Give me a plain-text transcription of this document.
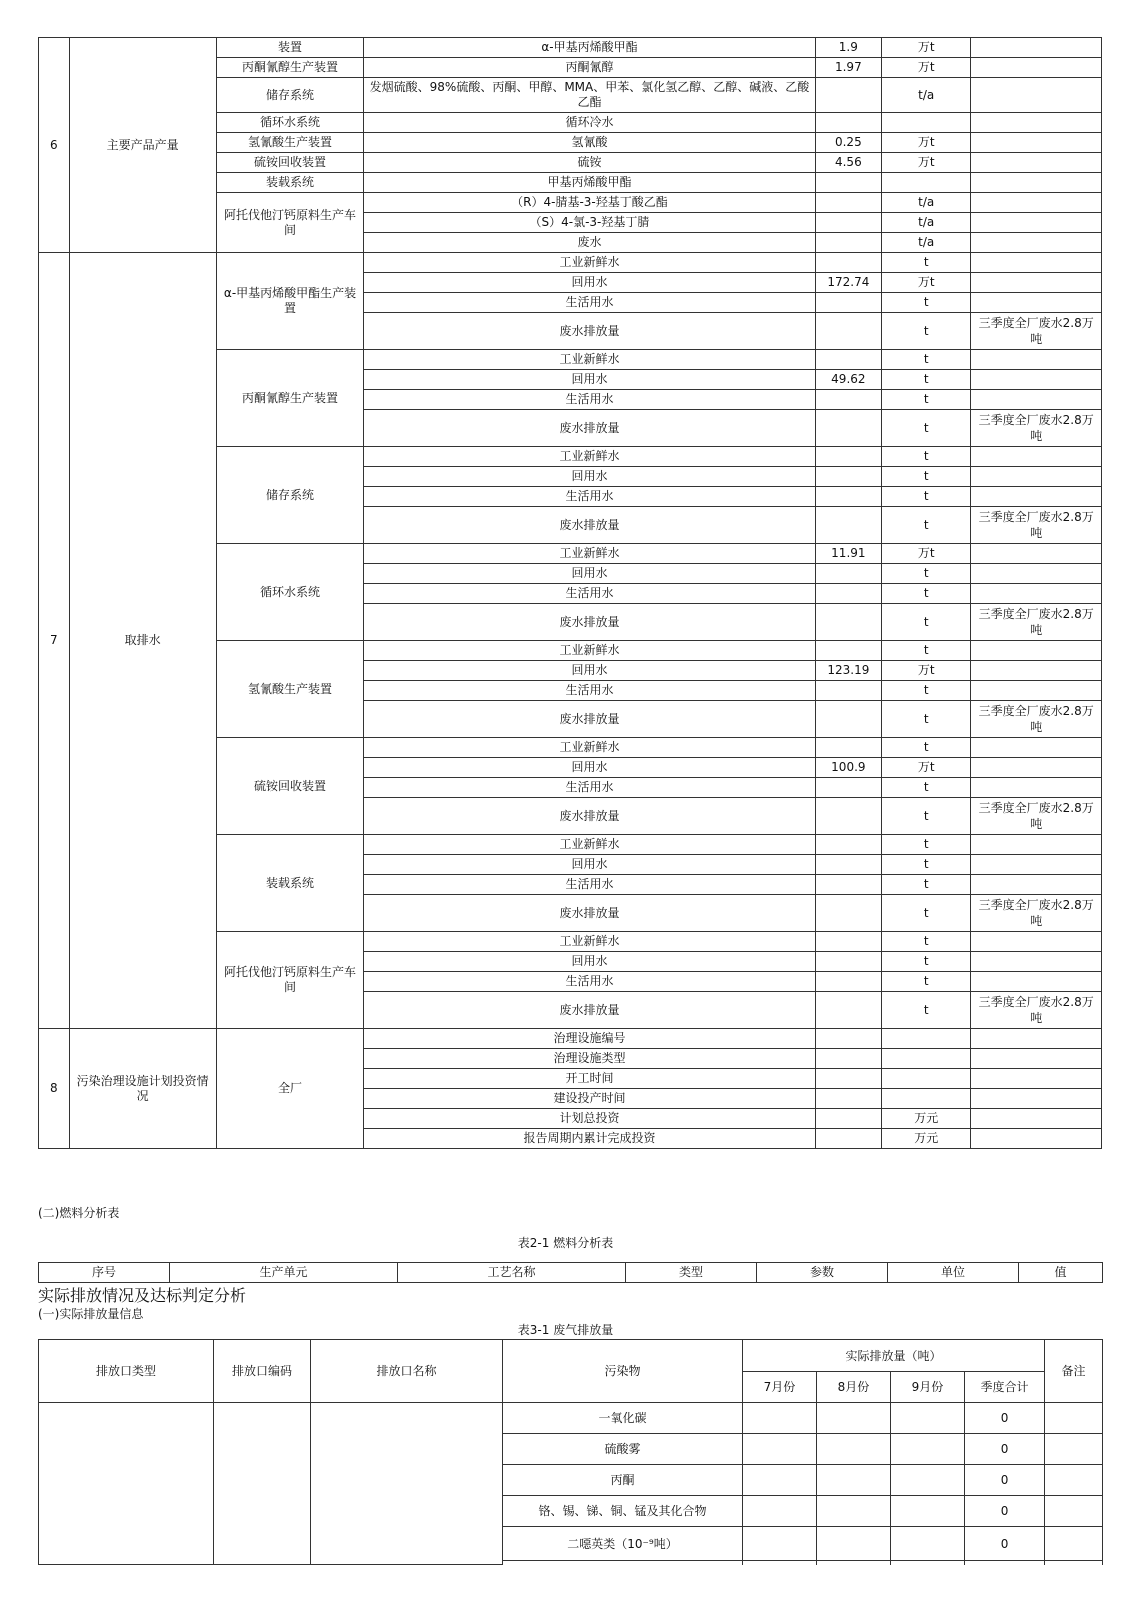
6	主要产品产量	装置	α-甲基丙烯酸甲酯	1.9	万t	
		丙酮氰醇生产装置	丙酮氰醇	1.97	万t	
		储存系统	发烟硫酸、98%硫酸、丙酮、甲醇、MMA、甲苯、氯化氢乙醇、乙醇、碱液、乙酸乙酯		t/a	
		循环水系统	循环冷水			
		氢氰酸生产装置	氢氰酸	0.25	万t	
		硫铵回收装置	硫铵	4.56	万t	
		装载系统	甲基丙烯酸甲酯			
		阿托伐他汀钙原料生产车间	（R）4-腈基-3-羟基丁酸乙酯		t/a	
			（S）4-氯-3-羟基丁腈		t/a	
			废水		t/a	
7	取排水	α-甲基丙烯酸甲酯生产装置	工业新鲜水		t	
			回用水	172.74	万t	
			生活用水		t	
			废水排放量		t	三季度全厂废水2.8万吨
		丙酮氰醇生产装置	工业新鲜水		t	
			回用水	49.62	t	
			生活用水		t	
			废水排放量		t	三季度全厂废水2.8万吨
		储存系统	工业新鲜水		t	
			回用水		t	
			生活用水		t	
			废水排放量		t	三季度全厂废水2.8万吨
		循环水系统	工业新鲜水	11.91	万t	
			回用水		t	
			生活用水		t	
			废水排放量		t	三季度全厂废水2.8万吨
		氢氰酸生产装置	工业新鲜水		t	
			回用水	123.19	万t	
			生活用水		t	
			废水排放量		t	三季度全厂废水2.8万吨
		硫铵回收装置	工业新鲜水		t	
			回用水	100.9	万t	
			生活用水		t	
			废水排放量		t	三季度全厂废水2.8万吨
		装载系统	工业新鲜水		t	
			回用水		t	
			生活用水		t	
			废水排放量		t	三季度全厂废水2.8万吨
		阿托伐他汀钙原料生产车间	工业新鲜水		t	
			回用水		t	
			生活用水		t	
			废水排放量		t	三季度全厂废水2.8万吨
8	污染治理设施计划投资情况	全厂	治理设施编号			
			治理设施类型			
			开工时间			
			建设投产时间			
			计划总投资		万元	
			报告周期内累计完成投资		万元	
(二)燃料分析表
表2-1 燃料分析表
序号	生产单元	工艺名称	类型	参数	单位	值
实际排放情况及达标判定分析
(一)实际排放量信息
表3-1 废气排放量
排放口类型	排放口编码	排放口名称	污染物	实际排放量（吨）				备注
				7月份	8月份	9月份	季度合计	
			一氧化碳				0	
			硫酸雾				0	
			丙酮				0	
			铬、锡、锑、铜、锰及其化合物				0	
			二噁英类（10⁻⁹吨）				0	
